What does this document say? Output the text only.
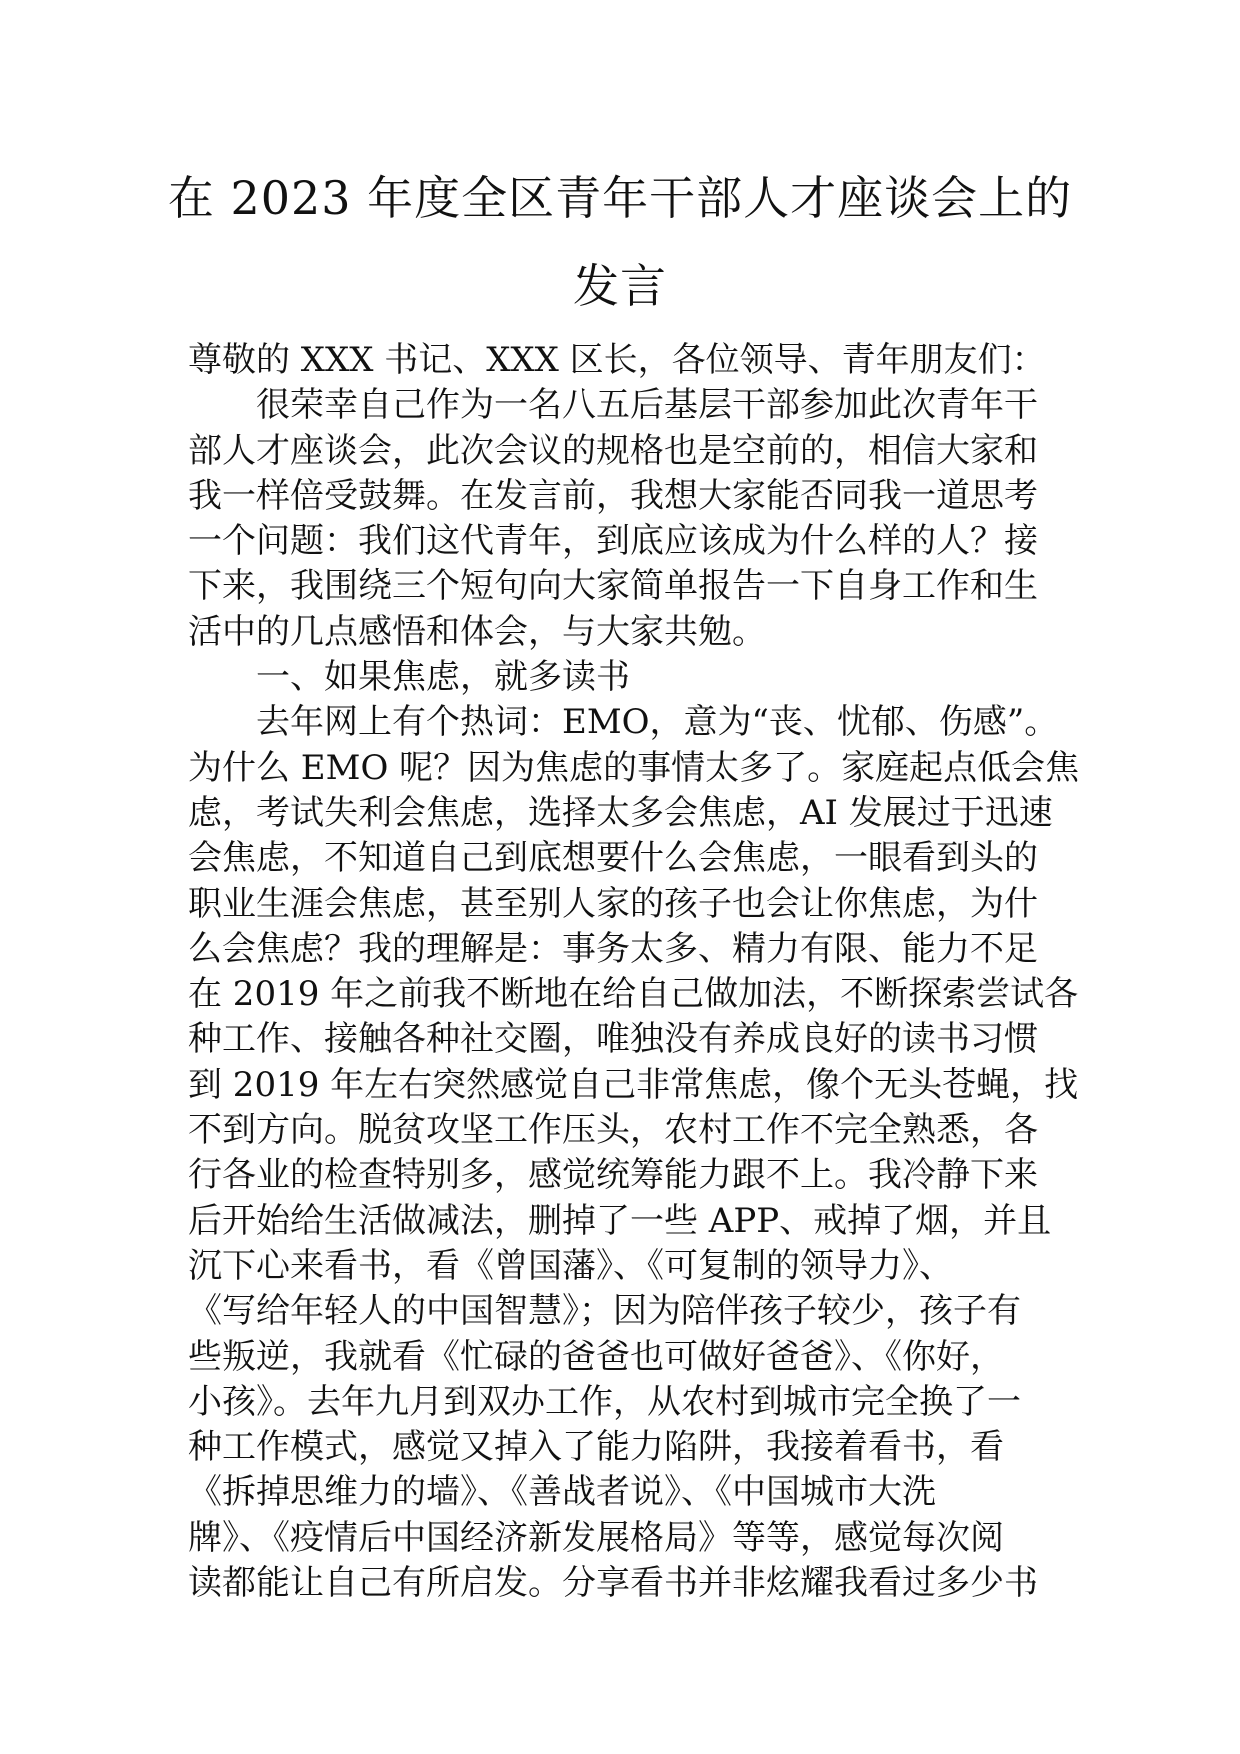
在 2023 年度全区青年干部人才座谈会上的
发言
尊敬的 XXX 书记、XXX 区长，各位领导、青年朋友们：
很荣幸自己作为一名八五后基层干部参加此次青年干
部人才座谈会，此次会议的规格也是空前的，相信大家和
我一样倍受鼓舞。在发言前，我想大家能否同我一道思考
一个问题：我们这代青年，到底应该成为什么样的人？接
下来，我围绕三个短句向大家简单报告一下自身工作和生
活中的几点感悟和体会，与大家共勉。
一、如果焦虑，就多读书
去年网上有个热词：EMO，意为“丧、忧郁、伤感”。
为什么 EMO 呢？因为焦虑的事情太多了。家庭起点低会焦
虑，考试失利会焦虑，选择太多会焦虑，AI 发展过于迅速
会焦虑，不知道自己到底想要什么会焦虑，一眼看到头的
职业生涯会焦虑，甚至别人家的孩子也会让你焦虑，为什
么会焦虑？我的理解是：事务太多、精力有限、能力不足
在 2019 年之前我不断地在给自己做加法，不断探索尝试各
种工作、接触各种社交圈，唯独没有养成良好的读书习惯
到 2019 年左右突然感觉自己非常焦虑，像个无头苍蝇，找
不到方向。脱贫攻坚工作压头，农村工作不完全熟悉，各
行各业的检查特别多，感觉统筹能力跟不上。我冷静下来
后开始给生活做减法，删掉了一些 APP、戒掉了烟，并且
沉下心来看书，看《曾国藩》、《可复制的领导力》、
《写给年轻人的中国智慧》；因为陪伴孩子较少，孩子有
些叛逆，我就看《忙碌的爸爸也可做好爸爸》、《你好，
小孩》。去年九月到双办工作，从农村到城市完全换了一
种工作模式，感觉又掉入了能力陷阱，我接着看书，看
《拆掉思维力的墙》、《善战者说》、《中国城市大洗
牌》、《疫情后中国经济新发展格局》等等，感觉每次阅
读都能让自己有所启发。分享看书并非炫耀我看过多少书
